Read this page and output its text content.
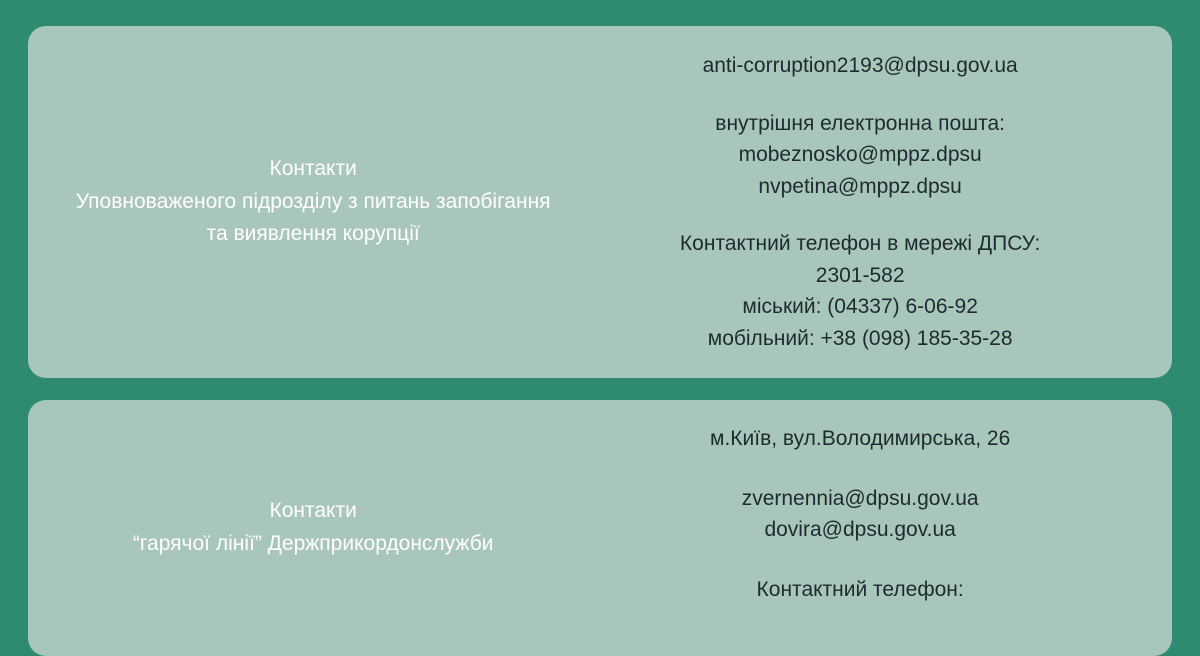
Контакти
Уповноваженого підрозділу з питань запобігання
та виявлення корупції
anti-corruption2193@dpsu.gov.ua
внутрішня електронна пошта:
mobeznosko@mppz.dpsu
nvpetina@mppz.dpsu
Контактний телефон в мережі ДПСУ:
2301-582
міський: (04337) 6-06-92
мобільний: +38 (098) 185-35-28
Контакти
“гарячої лінії” Держприкордонслужби
м.Київ, вул.Володимирська, 26
zvernennia@dpsu.gov.ua
dovira@dpsu.gov.ua
Контактний телефон:
